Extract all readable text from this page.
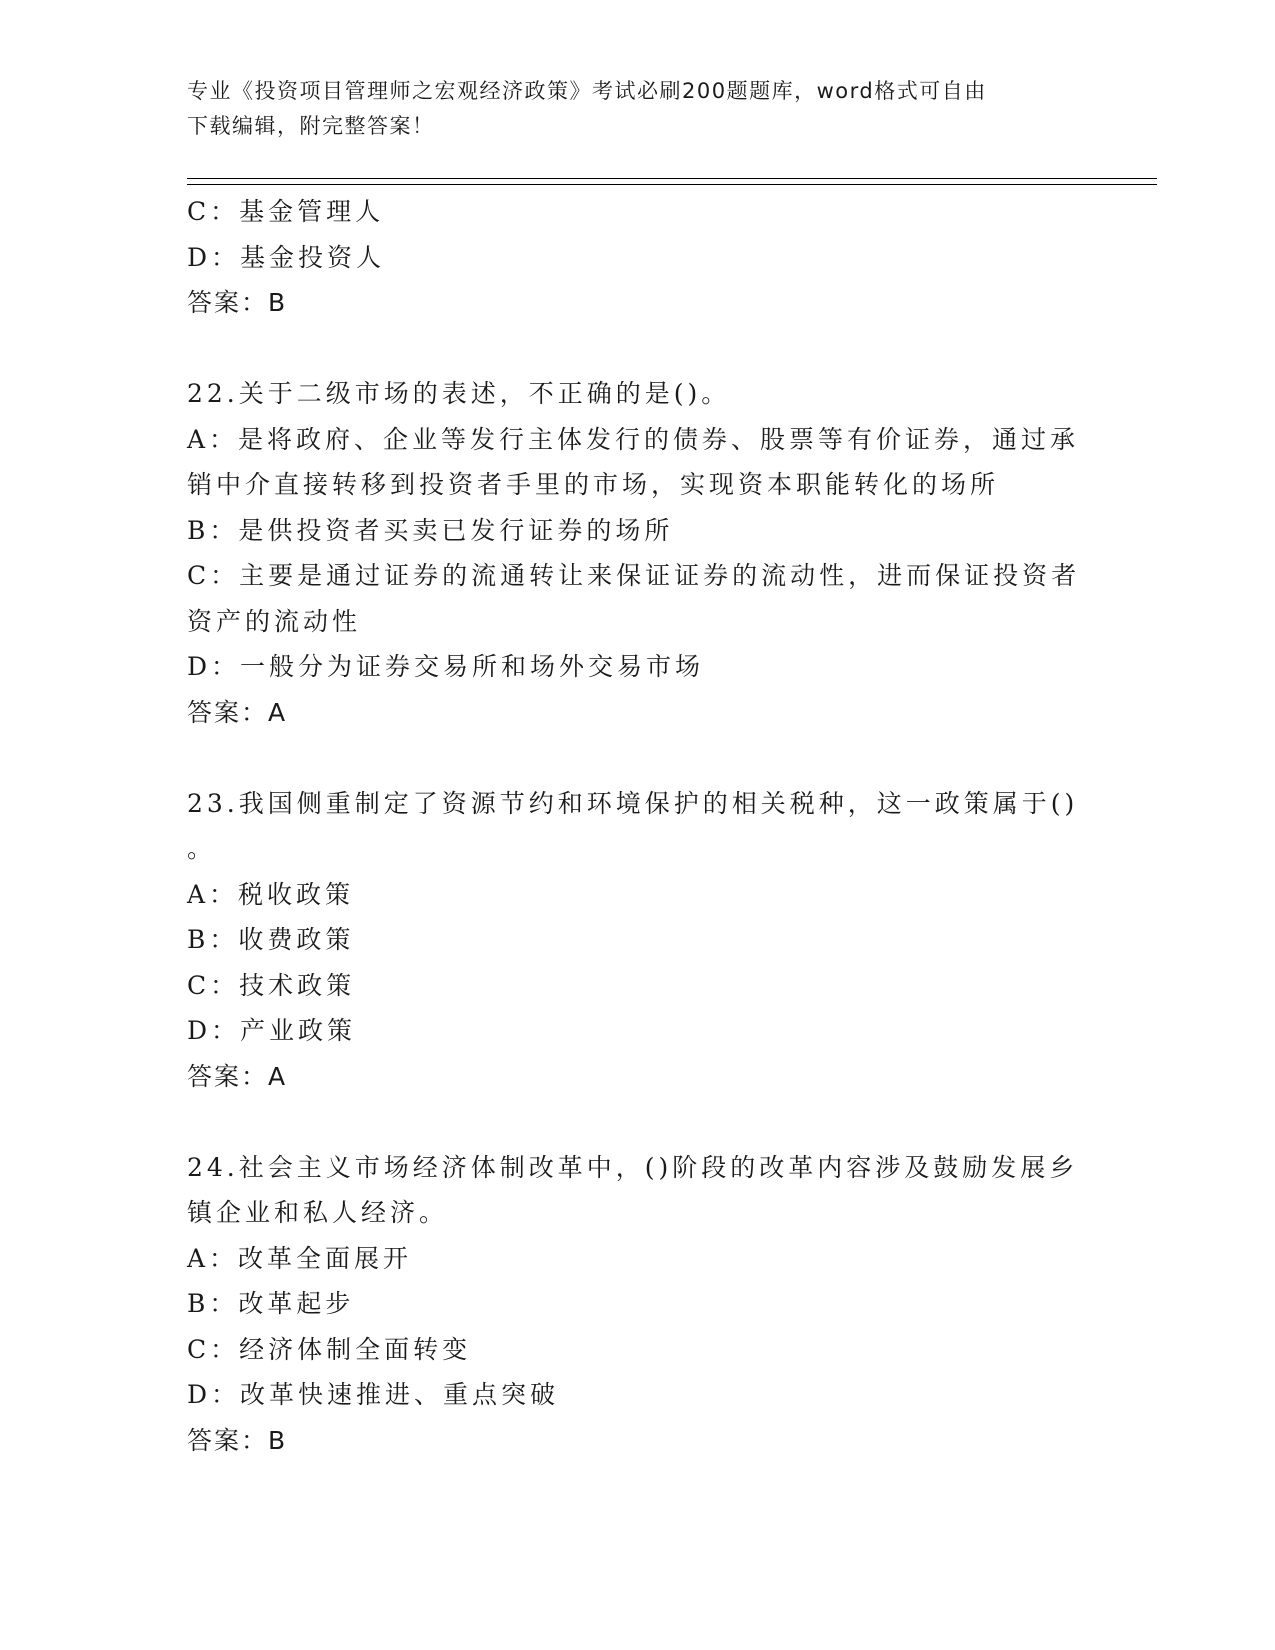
专业《投资项目管理师之宏观经济政策》考试必刷200题题库，word格式可自由
下载编辑，附完整答案！
C：基金管理人
D：基金投资人
答案：B
22.关于二级市场的表述，不正确的是()。
A：是将政府、企业等发行主体发行的债券、股票等有价证券，通过承
销中介直接转移到投资者手里的市场，实现资本职能转化的场所
B：是供投资者买卖已发行证券的场所
C：主要是通过证券的流通转让来保证证券的流动性，进而保证投资者
资产的流动性
D：一般分为证券交易所和场外交易市场
答案：A
23.我国侧重制定了资源节约和环境保护的相关税种，这一政策属于()
。
A：税收政策
B：收费政策
C：技术政策
D：产业政策
答案：A
24.社会主义市场经济体制改革中，()阶段的改革内容涉及鼓励发展乡
镇企业和私人经济。
A：改革全面展开
B：改革起步
C：经济体制全面转变
D：改革快速推进、重点突破
答案：B
